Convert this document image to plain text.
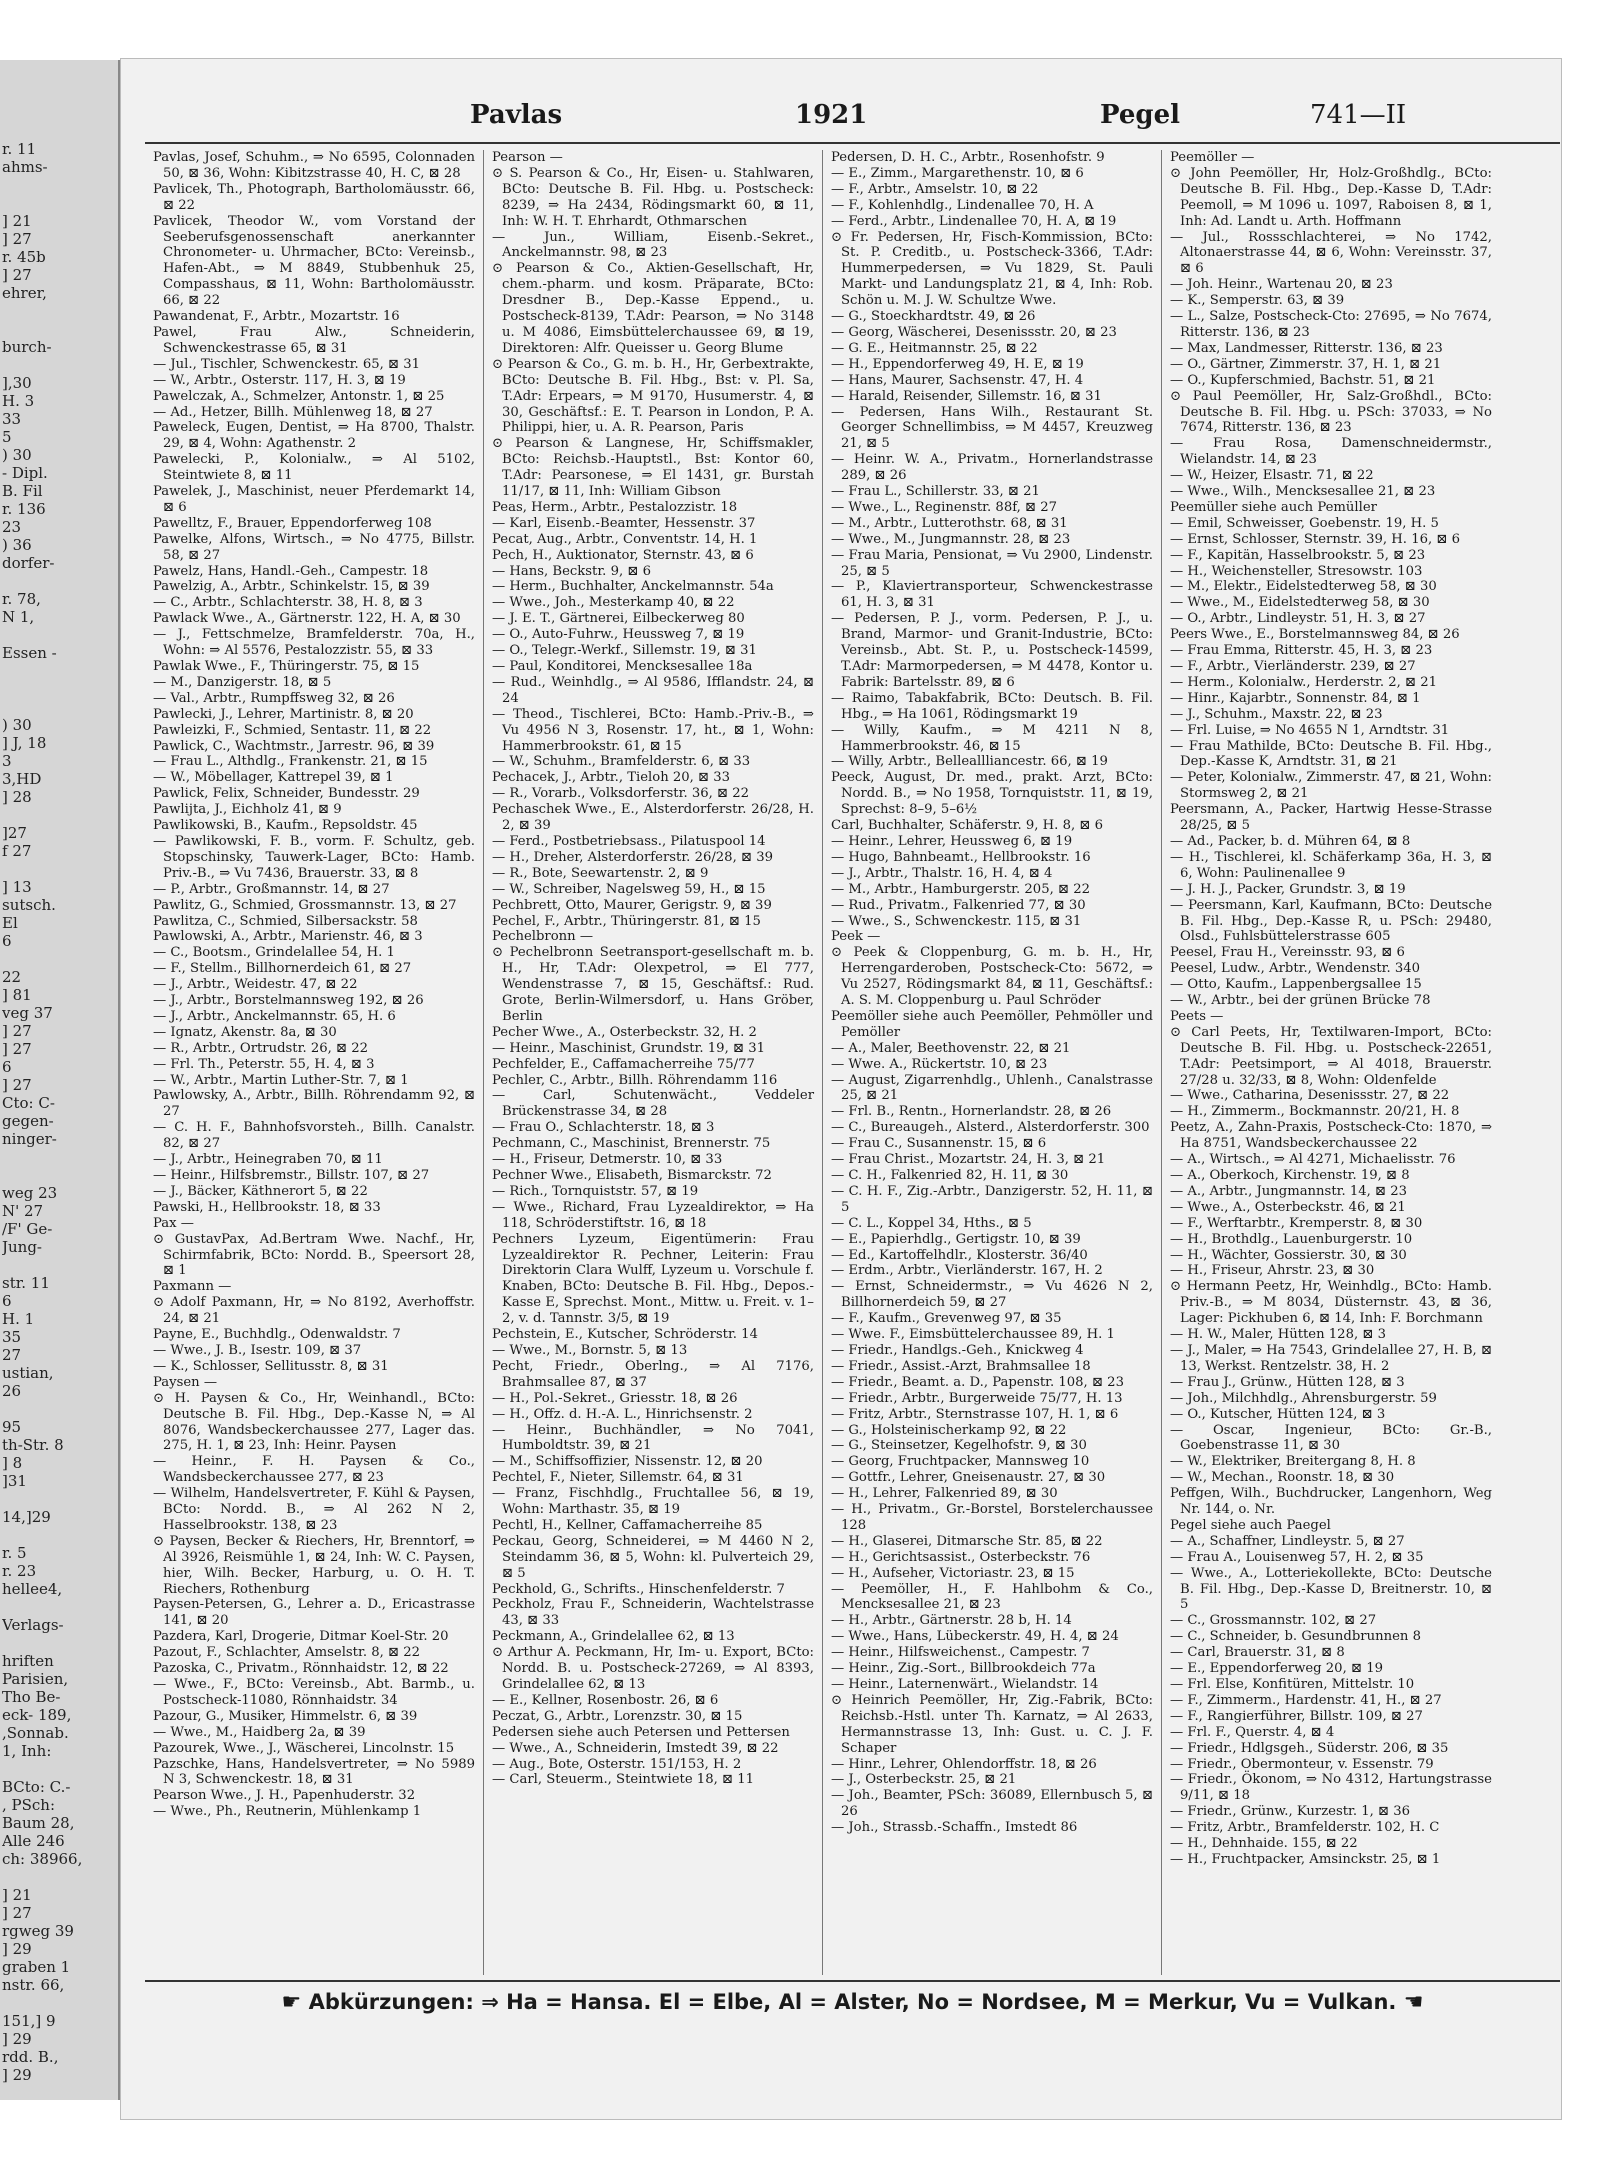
r. 11
ahms-

] 21
] 27
r. 45b
] 27
ehrer,

burch-

],30
H. 3
33
5
) 30
- Dipl.
B. Fil
r. 136
23
) 36
dorfer-

r. 78,
N 1,

Essen -

) 30
] J, 18
3
3,HD
] 28

]27
f 27

] 13
sutsch.
El
6

22
] 81
veg 37
] 27
] 27
6
] 27
Cto: C-
gegen-
ninger-

weg 23
N' 27
/F' Ge-
Jung-

str. 11
6
H. 1
35
27
ustian,
26

95
th-Str. 8
] 8
]31

14,]29

r. 5
r. 23
hellee4,

Verlags-

hriften
Parisien,
Tho Be-
eck- 189,
,Sonnab.
1, Inh:

BCto: C.-
, PSch:
Baum 28,
Alle 246
ch: 38966,

] 21
] 27
rgweg 39
] 29
graben 1
nstr. 66,

151,] 9
] 29
rdd. B.,
] 29
Pavlas	1921	Pegel	741—II

Pavlas, Josef, Schuhm., ⇒ No 6595, Colonnaden 50, ⊠ 36, Wohn: Kibitzstrasse 40, H. C, ⊠ 28

Pavlicek, Th., Photograph, Bartholomäusstr. 66, ⊠ 22

Pavlicek, Theodor W., vom Vorstand der Seeberufsgenossenschaft anerkannter Chronometer- u. Uhrmacher, BCto: Vereinsb., Hafen-Abt., ⇒ M 8849, Stubbenhuk 25, Compasshaus, ⊠ 11, Wohn: Bartholomäusstr. 66, ⊠ 22

Pawandenat, F., Arbtr., Mozartstr. 16

Pawel, Frau Alw., Schneiderin, Schwenckestrasse 65, ⊠ 31

— Jul., Tischler, Schwenckestr. 65, ⊠ 31

— W., Arbtr., Osterstr. 117, H. 3, ⊠ 19

Pawelczak, A., Schmelzer, Antonstr. 1, ⊠ 25

— Ad., Hetzer, Billh. Mühlenweg 18, ⊠ 27

Paweleck, Eugen, Dentist, ⇒ Ha 8700, Thalstr. 29, ⊠ 4, Wohn: Agathenstr. 2

Pawelecki, P., Kolonialw., ⇒ Al 5102, Steintwiete 8, ⊠ 11

Pawelek, J., Maschinist, neuer Pferdemarkt 14, ⊠ 6

Pawelltz, F., Brauer, Eppendorferweg 108

Pawelke, Alfons, Wirtsch., ⇒ No 4775, Billstr. 58, ⊠ 27

Pawelz, Hans, Handl.-Geh., Campestr. 18

Pawelzig, A., Arbtr., Schinkelstr. 15, ⊠ 39

— C., Arbtr., Schlachterstr. 38, H. 8, ⊠ 3

Pawlack Wwe., A., Gärtnerstr. 122, H. A, ⊠ 30

— J., Fettschmelze, Bramfelderstr. 70a, H., Wohn: ⇒ Al 5576, Pestalozzistr. 55, ⊠ 33

Pawlak Wwe., F., Thüringerstr. 75, ⊠ 15

— M., Danzigerstr. 18, ⊠ 5

— Val., Arbtr., Rumpffsweg 32, ⊠ 26

Pawlecki, J., Lehrer, Martinistr. 8, ⊠ 20

Pawleizki, F., Schmied, Sentastr. 11, ⊠ 22

Pawlick, C., Wachtmstr., Jarrestr. 96, ⊠ 39

— Frau L., Althdlg., Frankenstr. 21, ⊠ 15

— W., Möbellager, Kattrepel 39, ⊠ 1

Pawlick, Felix, Schneider, Bundesstr. 29

Pawlijta, J., Eichholz 41, ⊠ 9

Pawlikowski, B., Kaufm., Repsoldstr. 45

— Pawlikowski, F. B., vorm. F. Schultz, geb. Stopschinsky, Tauwerk-Lager, BCto: Hamb. Priv.-B., ⇒ Vu 7436, Brauerstr. 33, ⊠ 8

— P., Arbtr., Großmannstr. 14, ⊠ 27

Pawlitz, G., Schmied, Grossmannstr. 13, ⊠ 27

Pawlitza, C., Schmied, Silbersackstr. 58

Pawlowski, A., Arbtr., Marienstr. 46, ⊠ 3

— C., Bootsm., Grindelallee 54, H. 1

— F., Stellm., Billhornerdeich 61, ⊠ 27

— J., Arbtr., Weidestr. 47, ⊠ 22

— J., Arbtr., Borstelmannsweg 192, ⊠ 26

— J., Arbtr., Anckelmannstr. 65, H. 6

— Ignatz, Akenstr. 8a, ⊠ 30

— R., Arbtr., Ortrudstr. 26, ⊠ 22

— Frl. Th., Peterstr. 55, H. 4, ⊠ 3

— W., Arbtr., Martin Luther-Str. 7, ⊠ 1

Pawlowsky, A., Arbtr., Billh. Röhrendamm 92, ⊠ 27

— C. H. F., Bahnhofsvorsteh., Billh. Canalstr. 82, ⊠ 27

— J., Arbtr., Heinegraben 70, ⊠ 11

— Heinr., Hilfsbremstr., Billstr. 107, ⊠ 27

— J., Bäcker, Käthnerort 5, ⊠ 22

Pawski, H., Hellbrookstr. 18, ⊠ 33

Pax —

⊙ GustavPax, Ad.Bertram Wwe. Nachf., Hr, Schirmfabrik, BCto: Nordd. B., Speersort 28, ⊠ 1

Paxmann —

⊙ Adolf Paxmann, Hr, ⇒ No 8192, Averhoffstr. 24, ⊠ 21

Payne, E., Buchhdlg., Odenwaldstr. 7

— Wwe., J. B., Isestr. 109, ⊠ 37

— K., Schlosser, Sellitusstr. 8, ⊠ 31

Paysen —

⊙ H. Paysen & Co., Hr, Weinhandl., BCto: Deutsche B. Fil. Hbg., Dep.-Kasse N, ⇒ Al 8076, Wandsbeckerchaussee 277, Lager das. 275, H. 1, ⊠ 23, Inh: Heinr. Paysen

— Heinr., F. H. Paysen & Co., Wandsbeckerchaussee 277, ⊠ 23

— Wilhelm, Handelsvertreter, F. Kühl & Paysen, BCto: Nordd. B., ⇒ Al 262 N 2, Hasselbrookstr. 138, ⊠ 23

⊙ Paysen, Becker & Riechers, Hr, Brenntorf, ⇒ Al 3926, Reismühle 1, ⊠ 24, Inh: W. C. Paysen, hier, Wilh. Becker, Harburg, u. O. H. T. Riechers, Rothenburg

Paysen-Petersen, G., Lehrer a. D., Ericastrasse 141, ⊠ 20

Pazdera, Karl, Drogerie, Ditmar Koel-Str. 20

Pazout, F., Schlachter, Amselstr. 8, ⊠ 22

Pazoska, C., Privatm., Rönnhaidstr. 12, ⊠ 22

— Wwe., F., BCto: Vereinsb., Abt. Barmb., u. Postscheck-11080, Rönnhaidstr. 34

Pazour, G., Musiker, Himmelstr. 6, ⊠ 39

— Wwe., M., Haidberg 2a, ⊠ 39

Pazourek, Wwe., J., Wäscherei, Lincolnstr. 15

Pazschke, Hans, Handelsvertreter, ⇒ No 5989 N 3, Schwenckestr. 18, ⊠ 31

Pearson Wwe., J. H., Papenhuderstr. 32

— Wwe., Ph., Reutnerin, Mühlenkamp 1

Pearson —

⊙ S. Pearson & Co., Hr, Eisen- u. Stahlwaren, BCto: Deutsche B. Fil. Hbg. u. Postscheck: 8239, ⇒ Ha 2434, Rödingsmarkt 60, ⊠ 11, Inh: W. H. T. Ehrhardt, Othmarschen

— Jun., William, Eisenb.-Sekret., Anckelmannstr. 98, ⊠ 23

⊙ Pearson & Co., Aktien-Gesellschaft, Hr, chem.-pharm. und kosm. Präparate, BCto: Dresdner B., Dep.-Kasse Eppend., u. Postscheck-8139, T.Adr: Pearson, ⇒ No 3148 u. M 4086, Eimsbüttelerchaussee 69, ⊠ 19, Direktoren: Alfr. Queisser u. Georg Blume

⊙ Pearson & Co., G. m. b. H., Hr, Gerbextrakte, BCto: Deutsche B. Fil. Hbg., Bst: v. Pl. Sa, T.Adr: Erpears, ⇒ M 9170, Husumerstr. 4, ⊠ 30, Geschäftsf.: E. T. Pearson in London, P. A. Philippi, hier, u. A. R. Pearson, Paris

⊙ Pearson & Langnese, Hr, Schiffsmakler, BCto: Reichsb.-Hauptstl., Bst: Kontor 60, T.Adr: Pearsonese, ⇒ El 1431, gr. Burstah 11/17, ⊠ 11, Inh: William Gibson

Peas, Herm., Arbtr., Pestalozzistr. 18

— Karl, Eisenb.-Beamter, Hessenstr. 37

Pecat, Aug., Arbtr., Conventstr. 14, H. 1

Pech, H., Auktionator, Sternstr. 43, ⊠ 6

— Hans, Beckstr. 9, ⊠ 6

— Herm., Buchhalter, Anckelmannstr. 54a

— Wwe., Joh., Mesterkamp 40, ⊠ 22

— J. E. T., Gärtnerei, Eilbeckerweg 80

— O., Auto-Fuhrw., Heussweg 7, ⊠ 19

— O., Telegr.-Werkf., Sillemstr. 19, ⊠ 31

— Paul, Konditorei, Mencksesallee 18a

— Rud., Weinhdlg., ⇒ Al 9586, Ifflandstr. 24, ⊠ 24

— Theod., Tischlerei, BCto: Hamb.-Priv.-B., ⇒ Vu 4956 N 3, Rosenstr. 17, ht., ⊠ 1, Wohn: Hammerbrookstr. 61, ⊠ 15

— W., Schuhm., Bramfelderstr. 6, ⊠ 33

Pechacek, J., Arbtr., Tieloh 20, ⊠ 33

— R., Vorarb., Volksdorferstr. 36, ⊠ 22

Pechaschek Wwe., E., Alsterdorferstr. 26/28, H. 2, ⊠ 39

— Ferd., Postbetriebsass., Pilatuspool 14

— H., Dreher, Alsterdorferstr. 26/28, ⊠ 39

— R., Bote, Seewartenstr. 2, ⊠ 9

— W., Schreiber, Nagelsweg 59, H., ⊠ 15

Pechbrett, Otto, Maurer, Gerigstr. 9, ⊠ 39

Pechel, F., Arbtr., Thüringerstr. 81, ⊠ 15

Pechelbronn —

⊙ Pechelbronn Seetransport-gesellschaft m. b. H., Hr, T.Adr: Olexpetrol, ⇒ El 777, Wendenstrasse 7, ⊠ 15, Geschäftsf.: Rud. Grote, Berlin-Wilmersdorf, u. Hans Gröber, Berlin

Pecher Wwe., A., Osterbeckstr. 32, H. 2

— Heinr., Maschinist, Grundstr. 19, ⊠ 31

Pechfelder, E., Caffamacherreihe 75/77

Pechler, C., Arbtr., Billh. Röhrendamm 116

— Carl, Schutenwächt., Veddeler Brückenstrasse 34, ⊠ 28

— Frau O., Schlachterstr. 18, ⊠ 3

Pechmann, C., Maschinist, Brennerstr. 75

— H., Friseur, Detmerstr. 10, ⊠ 33

Pechner Wwe., Elisabeth, Bismarckstr. 72

— Rich., Tornquiststr. 57, ⊠ 19

— Wwe., Richard, Frau Lyzealdirektor, ⇒ Ha 118, Schröderstiftstr. 16, ⊠ 18

Pechners Lyzeum, Eigentümerin: Frau Lyzealdirektor R. Pechner, Leiterin: Frau Direktorin Clara Wulff, Lyzeum u. Vorschule f. Knaben, BCto: Deutsche B. Fil. Hbg., Depos.-Kasse E, Sprechst. Mont., Mittw. u. Freit. v. 1–2, v. d. Tannstr. 3/5, ⊠ 19

Pechstein, E., Kutscher, Schröderstr. 14

— Wwe., M., Bornstr. 5, ⊠ 13

Pecht, Friedr., Oberlng., ⇒ Al 7176, Brahmsallee 87, ⊠ 37

— H., Pol.-Sekret., Griesstr. 18, ⊠ 26

— H., Offz. d. H.-A. L., Hinrichsenstr. 2

— Heinr., Buchhändler, ⇒ No 7041, Humboldtstr. 39, ⊠ 21

— M., Schiffsoffizier, Nissenstr. 12, ⊠ 20

Pechtel, F., Nieter, Sillemstr. 64, ⊠ 31

— Franz, Fischhdlg., Fruchtallee 56, ⊠ 19, Wohn: Marthastr. 35, ⊠ 19

Pechtl, H., Kellner, Caffamacherreihe 85

Peckau, Georg, Schneiderei, ⇒ M 4460 N 2, Steindamm 36, ⊠ 5, Wohn: kl. Pulverteich 29, ⊠ 5

Peckhold, G., Schrifts., Hinschenfelderstr. 7

Peckholz, Frau F., Schneiderin, Wachtelstrasse 43, ⊠ 33

Peckmann, A., Grindelallee 62, ⊠ 13

⊙ Arthur A. Peckmann, Hr, Im- u. Export, BCto: Nordd. B. u. Postscheck-27269, ⇒ Al 8393, Grindelallee 62, ⊠ 13

— E., Kellner, Rosenbostr. 26, ⊠ 6

Peczat, G., Arbtr., Lorenzstr. 30, ⊠ 15

Pedersen siehe auch Petersen und Pettersen

— Wwe., A., Schneiderin, Imstedt 39, ⊠ 22

— Aug., Bote, Osterstr. 151/153, H. 2

— Carl, Steuerm., Steintwiete 18, ⊠ 11

Pedersen, D. H. C., Arbtr., Rosenhofstr. 9

— E., Zimm., Margarethenstr. 10, ⊠ 6

— F., Arbtr., Amselstr. 10, ⊠ 22

— F., Kohlenhdlg., Lindenallee 70, H. A

— Ferd., Arbtr., Lindenallee 70, H. A, ⊠ 19

⊙ Fr. Pedersen, Hr, Fisch-Kommission, BCto: St. P. Creditb., u. Postscheck-3366, T.Adr: Hummerpedersen, ⇒ Vu 1829, St. Pauli Markt- und Landungsplatz 21, ⊠ 4, Inh: Rob. Schön u. M. J. W. Schultze Wwe.

— G., Stoeckhardtstr. 49, ⊠ 26

— Georg, Wäscherei, Desenissstr. 20, ⊠ 23

— G. E., Heitmannstr. 25, ⊠ 22

— H., Eppendorferweg 49, H. E, ⊠ 19

— Hans, Maurer, Sachsenstr. 47, H. 4

— Harald, Reisender, Sillemstr. 16, ⊠ 31

— Pedersen, Hans Wilh., Restaurant St. Georger Schnellimbiss, ⇒ M 4457, Kreuzweg 21, ⊠ 5

— Heinr. W. A., Privatm., Hornerlandstrasse 289, ⊠ 26

— Frau L., Schillerstr. 33, ⊠ 21

— Wwe., L., Reginenstr. 88f, ⊠ 27

— M., Arbtr., Lutterothstr. 68, ⊠ 31

— Wwe., M., Jungmannstr. 28, ⊠ 23

— Frau Maria, Pensionat, ⇒ Vu 2900, Lindenstr. 25, ⊠ 5

— P., Klaviertransporteur, Schwenckestrasse 61, H. 3, ⊠ 31

— Pedersen, P. J., vorm. Pedersen, P. J., u. Brand, Marmor- und Granit-Industrie, BCto: Vereinsb., Abt. St. P., u. Postscheck-14599, T.Adr: Marmorpedersen, ⇒ M 4478, Kontor u. Fabrik: Bartelsstr. 89, ⊠ 6

— Raimo, Tabakfabrik, BCto: Deutsch. B. Fil. Hbg., ⇒ Ha 1061, Rödingsmarkt 19

— Willy, Kaufm., ⇒ M 4211 N 8, Hammerbrookstr. 46, ⊠ 15

— Willy, Arbtr., Belleallliancestr. 66, ⊠ 19

Peeck, August, Dr. med., prakt. Arzt, BCto: Nordd. B., ⇒ No 1958, Tornquiststr. 11, ⊠ 19, Sprechst: 8–9, 5–6½

Carl, Buchhalter, Schäferstr. 9, H. 8, ⊠ 6

— Heinr., Lehrer, Heussweg 6, ⊠ 19

— Hugo, Bahnbeamt., Hellbrookstr. 16

— J., Arbtr., Thalstr. 16, H. 4, ⊠ 4

— M., Arbtr., Hamburgerstr. 205, ⊠ 22

— Rud., Privatm., Falkenried 77, ⊠ 30

— Wwe., S., Schwenckestr. 115, ⊠ 31

Peek —

⊙ Peek & Cloppenburg, G. m. b. H., Hr, Herrengarderoben, Postscheck-Cto: 5672, ⇒ Vu 2527, Rödingsmarkt 84, ⊠ 11, Geschäftsf.: A. S. M. Cloppenburg u. Paul Schröder

Peemöller siehe auch Peemöller, Pehmöller und Pemöller

— A., Maler, Beethovenstr. 22, ⊠ 21

— Wwe. A., Rückertstr. 10, ⊠ 23

— August, Zigarrenhdlg., Uhlenh., Canalstrasse 25, ⊠ 21

— Frl. B., Rentn., Hornerlandstr. 28, ⊠ 26

— C., Bureaugeh., Alsterd., Alsterdorferstr. 300

— Frau C., Susannenstr. 15, ⊠ 6

— Frau Christ., Mozartstr. 24, H. 3, ⊠ 21

— C. H., Falkenried 82, H. 11, ⊠ 30

— C. H. F., Zig.-Arbtr., Danzigerstr. 52, H. 11, ⊠ 5

— C. L., Koppel 34, Hths., ⊠ 5

— E., Papierhdlg., Gertigstr. 10, ⊠ 39

— Ed., Kartoffelhdlr., Klosterstr. 36/40

— Erdm., Arbtr., Vierländerstr. 167, H. 2

— Ernst, Schneidermstr., ⇒ Vu 4626 N 2, Billhornerdeich 59, ⊠ 27

— F., Kaufm., Grevenweg 97, ⊠ 35

— Wwe. F., Eimsbüttelerchaussee 89, H. 1

— Friedr., Handlgs.-Geh., Knickweg 4

— Friedr., Assist.-Arzt, Brahmsallee 18

— Friedr., Beamt. a. D., Papenstr. 108, ⊠ 23

— Friedr., Arbtr., Burgerweide 75/77, H. 13

— Fritz, Arbtr., Sternstrasse 107, H. 1, ⊠ 6

— G., Holsteinischerkamp 92, ⊠ 22

— G., Steinsetzer, Kegelhofstr. 9, ⊠ 30

— Georg, Fruchtpacker, Mannsweg 10

— Gottfr., Lehrer, Gneisenaustr. 27, ⊠ 30

— H., Lehrer, Falkenried 89, ⊠ 30

— H., Privatm., Gr.-Borstel, Borstelerchaussee 128

— H., Glaserei, Ditmarsche Str. 85, ⊠ 22

— H., Gerichtsassist., Osterbeckstr. 76

— H., Aufseher, Victoriastr. 23, ⊠ 15

— Peemöller, H., F. Hahlbohm & Co., Mencksesallee 21, ⊠ 23

— H., Arbtr., Gärtnerstr. 28 b, H. 14

— Wwe., Hans, Lübeckerstr. 49, H. 4, ⊠ 24

— Heinr., Hilfsweichenst., Campestr. 7

— Heinr., Zig.-Sort., Billbrookdeich 77a

— Heinr., Laternenwärt., Wielandstr. 14

⊙ Heinrich Peemöller, Hr, Zig.-Fabrik, BCto: Reichsb.-Hstl. unter Th. Karnatz, ⇒ Al 2633, Hermannstrasse 13, Inh: Gust. u. C. J. F. Schaper

— Hinr., Lehrer, Ohlendorffstr. 18, ⊠ 26

— J., Osterbeckstr. 25, ⊠ 21

— Joh., Beamter, PSch: 36089, Ellernbusch 5, ⊠ 26

— Joh., Strassb.-Schaffn., Imstedt 86

Peemöller —

⊙ John Peemöller, Hr, Holz-Großhdlg., BCto: Deutsche B. Fil. Hbg., Dep.-Kasse D, T.Adr: Peemoll, ⇒ M 1096 u. 1097, Raboisen 8, ⊠ 1, Inh: Ad. Landt u. Arth. Hoffmann

— Jul., Rossschlachterei, ⇒ No 1742, Altonaerstrasse 44, ⊠ 6, Wohn: Vereinsstr. 37, ⊠ 6

— Joh. Heinr., Wartenau 20, ⊠ 23

— K., Semperstr. 63, ⊠ 39

— L., Salze, Postscheck-Cto: 27695, ⇒ No 7674, Ritterstr. 136, ⊠ 23

— Max, Landmesser, Ritterstr. 136, ⊠ 23

— O., Gärtner, Zimmerstr. 37, H. 1, ⊠ 21

— O., Kupferschmied, Bachstr. 51, ⊠ 21

⊙ Paul Peemöller, Hr, Salz-Großhdl., BCto: Deutsche B. Fil. Hbg. u. PSch: 37033, ⇒ No 7674, Ritterstr. 136, ⊠ 23

— Frau Rosa, Damenschneidermstr., Wielandstr. 14, ⊠ 23

— W., Heizer, Elsastr. 71, ⊠ 22

— Wwe., Wilh., Mencksesallee 21, ⊠ 23

Peemüller siehe auch Pemüller

— Emil, Schweisser, Goebenstr. 19, H. 5

— Ernst, Schlosser, Sternstr. 39, H. 16, ⊠ 6

— F., Kapitän, Hasselbrookstr. 5, ⊠ 23

— H., Weichensteller, Stresowstr. 103

— M., Elektr., Eidelstedterweg 58, ⊠ 30

— Wwe., M., Eidelstedterweg 58, ⊠ 30

— O., Arbtr., Lindleystr. 51, H. 3, ⊠ 27

Peers Wwe., E., Borstelmannsweg 84, ⊠ 26

— Frau Emma, Ritterstr. 45, H. 3, ⊠ 23

— F., Arbtr., Vierländerstr. 239, ⊠ 27

— Herm., Kolonialw., Herderstr. 2, ⊠ 21

— Hinr., Kajarbtr., Sonnenstr. 84, ⊠ 1

— J., Schuhm., Maxstr. 22, ⊠ 23

— Frl. Luise, ⇒ No 4655 N 1, Arndtstr. 31

— Frau Mathilde, BCto: Deutsche B. Fil. Hbg., Dep.-Kasse K, Arndtstr. 31, ⊠ 21

— Peter, Kolonialw., Zimmerstr. 47, ⊠ 21, Wohn: Stormsweg 2, ⊠ 21

Peersmann, A., Packer, Hartwig Hesse-Strasse 28/25, ⊠ 5

— Ad., Packer, b. d. Mühren 64, ⊠ 8

— H., Tischlerei, kl. Schäferkamp 36a, H. 3, ⊠ 6, Wohn: Paulinenallee 9

— J. H. J., Packer, Grundstr. 3, ⊠ 19

— Peersmann, Karl, Kaufmann, BCto: Deutsche B. Fil. Hbg., Dep.-Kasse R, u. PSch: 29480, Olsd., Fuhlsbüttelerstrasse 605

Peesel, Frau H., Vereinsstr. 93, ⊠ 6

Peesel, Ludw., Arbtr., Wendenstr. 340

— Otto, Kaufm., Lappenbergsallee 15

— W., Arbtr., bei der grünen Brücke 78

Peets —

⊙ Carl Peets, Hr, Textilwaren-Import, BCto: Deutsche B. Fil. Hbg. u. Postscheck-22651, T.Adr: Peetsimport, ⇒ Al 4018, Brauerstr. 27/28 u. 32/33, ⊠ 8, Wohn: Oldenfelde

— Wwe., Catharina, Desenissstr. 27, ⊠ 22

— H., Zimmerm., Bockmannstr. 20/21, H. 8

Peetz, A., Zahn-Praxis, Postscheck-Cto: 1870, ⇒ Ha 8751, Wandsbeckerchaussee 22

— A., Wirtsch., ⇒ Al 4271, Michaelisstr. 76

— A., Oberkoch, Kirchenstr. 19, ⊠ 8

— A., Arbtr., Jungmannstr. 14, ⊠ 23

— Wwe., A., Osterbeckstr. 46, ⊠ 21

— F., Werftarbtr., Kremperstr. 8, ⊠ 30

— H., Brothdlg., Lauenburgerstr. 10

— H., Wächter, Gossierstr. 30, ⊠ 30

— H., Friseur, Ahrstr. 23, ⊠ 30

⊙ Hermann Peetz, Hr, Weinhdlg., BCto: Hamb. Priv.-B., ⇒ M 8034, Düsternstr. 43, ⊠ 36, Lager: Pickhuben 6, ⊠ 14, Inh: F. Borchmann

— H. W., Maler, Hütten 128, ⊠ 3

— J., Maler, ⇒ Ha 7543, Grindelallee 27, H. B, ⊠ 13, Werkst. Rentzelstr. 38, H. 2

— Frau J., Grünw., Hütten 128, ⊠ 3

— Joh., Milchhdlg., Ahrensburgerstr. 59

— O., Kutscher, Hütten 124, ⊠ 3

— Oscar, Ingenieur, BCto: Gr.-B., Goebenstrasse 11, ⊠ 30

— W., Elektriker, Breitergang 8, H. 8

— W., Mechan., Roonstr. 18, ⊠ 30

Peffgen, Wilh., Buchdrucker, Langenhorn, Weg Nr. 144, o. Nr.

Pegel siehe auch Paegel

— A., Schaffner, Lindleystr. 5, ⊠ 27

— Frau A., Louisenweg 57, H. 2, ⊠ 35

— Wwe., A., Lotteriekollekte, BCto: Deutsche B. Fil. Hbg., Dep.-Kasse D, Breitnerstr. 10, ⊠ 5

— C., Grossmannstr. 102, ⊠ 27

— C., Schneider, b. Gesundbrunnen 8

— Carl, Brauerstr. 31, ⊠ 8

— E., Eppendorferweg 20, ⊠ 19

— Frl. Else, Konfitüren, Mittelstr. 10

— F., Zimmerm., Hardenstr. 41, H., ⊠ 27

— F., Rangierführer, Billstr. 109, ⊠ 27

— Frl. F., Querstr. 4, ⊠ 4

— Friedr., Hdlgsgeh., Süderstr. 206, ⊠ 35

— Friedr., Obermonteur, v. Essenstr. 79

— Friedr., Ökonom, ⇒ No 4312, Hartungstrasse 9/11, ⊠ 18

— Friedr., Grünw., Kurzestr. 1, ⊠ 36

— Fritz, Arbtr., Bramfelderstr. 102, H. C

— H., Dehnhaide. 155, ⊠ 22

— H., Fruchtpacker, Amsinckstr. 25, ⊠ 1

☛ Abkürzungen: ⇒ Ha = Hansa. El = Elbe, Al = Alster, No = Nordsee, M = Merkur, Vu = Vulkan. ☚
